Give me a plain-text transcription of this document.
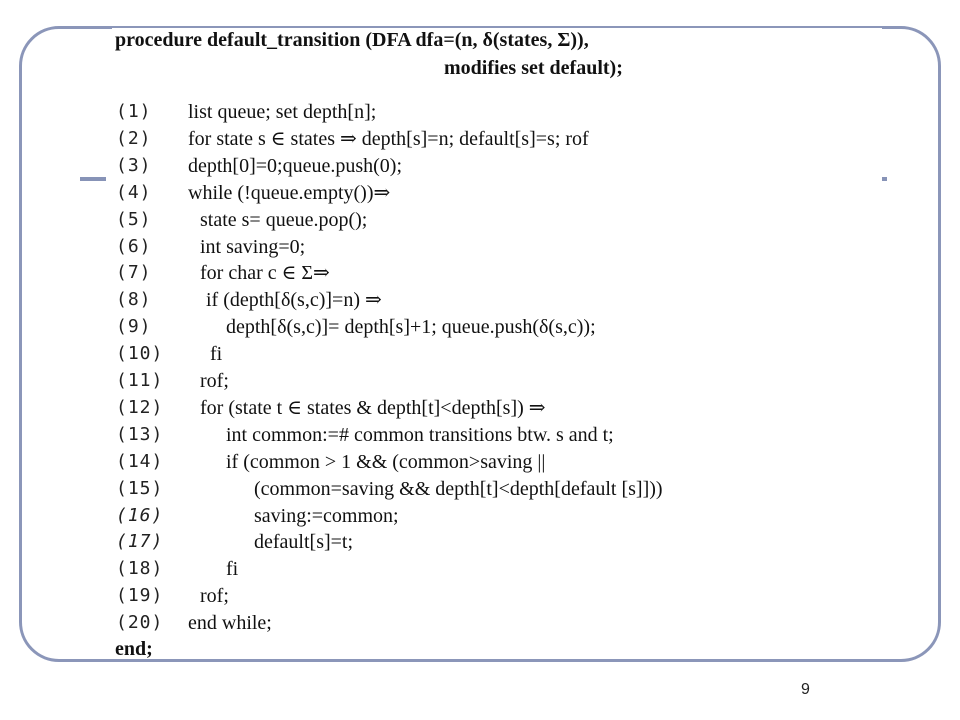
procedure default_transition (DFA dfa=(n, δ(states, Σ)),
modifies set default);
(1) list queue; set depth[n];
(2) for state s ∈ states ⇒ depth[s]=n; default[s]=s; rof
(3) depth[0]=0;queue.push(0);
(4) while (!queue.empty())⇒
(5) state s= queue.pop();
(6) int saving=0;
(7) for char c ∈ Σ⇒
(8)	if (depth[δ(s,c)]=n) ⇒
(9)	depth[δ(s,c)]= depth[s]+1; queue.push(δ(s,c));
(10) fi
(11) rof;
(12) for (state t ∈ states & depth[t]<depth[s]) ⇒
(13)	int common:=# common transitions btw. s and t;
(14)	if (common > 1 && (common>saving ||
(15)	(common=saving && depth[t]<depth[default [s]]))
(16)	saving:=common;
(17)	default[s]=t;
(18)	fi
(19) rof;
(20) end while;
end;
9
